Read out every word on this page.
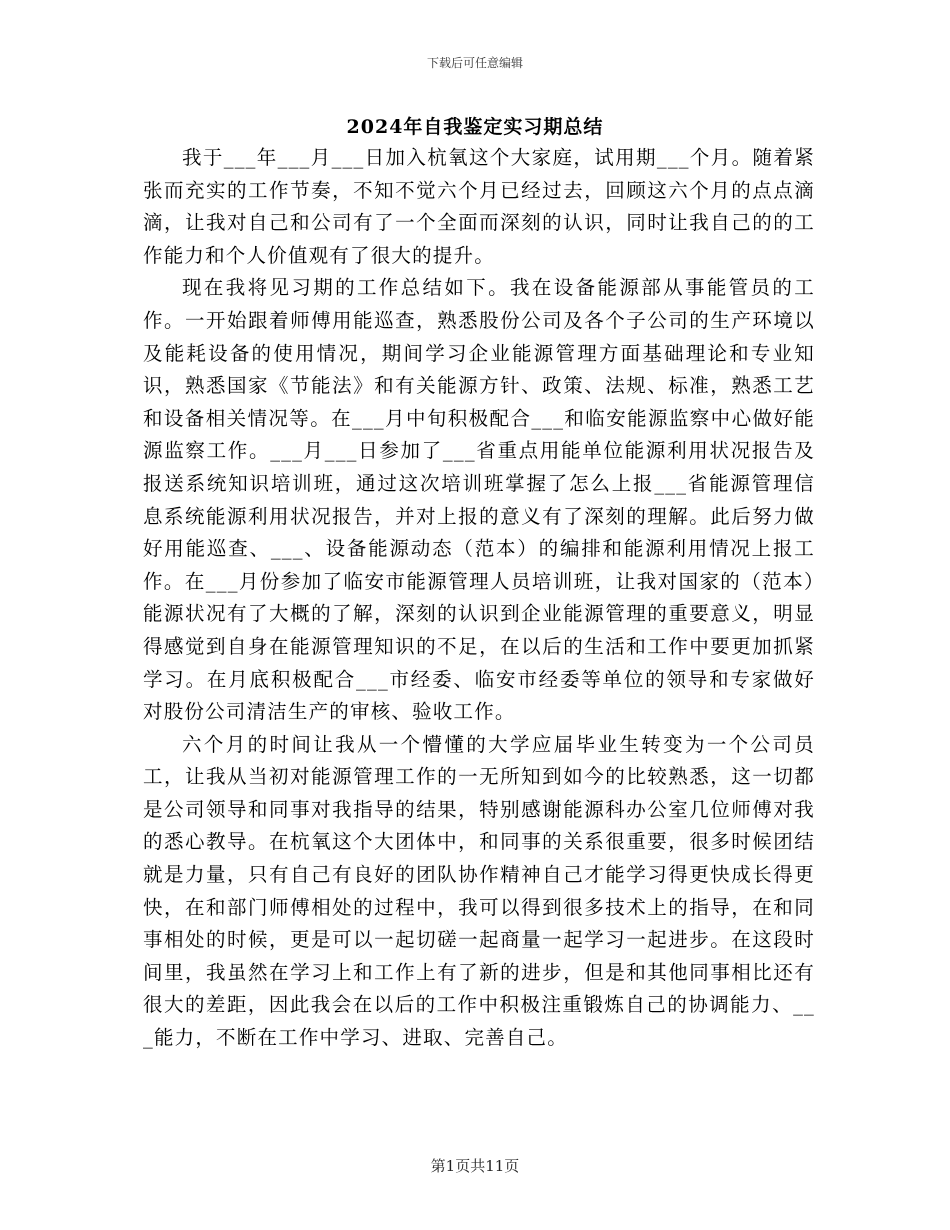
下载后可任意编辑
2024年自我鉴定实习期总结

我于___年___月___日加入杭氧这个大家庭，试用期___个月。随着紧张而充实的工作节奏，不知不觉六个月已经过去，回顾这六个月的点点滴滴，让我对自己和公司有了一个全面而深刻的认识，同时让我自己的的工作能力和个人价值观有了很大的提升。

现在我将见习期的工作总结如下。我在设备能源部从事能管员的工作。一开始跟着师傅用能巡查，熟悉股份公司及各个子公司的生产环境以及能耗设备的使用情况，期间学习企业能源管理方面基础理论和专业知识，熟悉国家《节能法》和有关能源方针、政策、法规、标准，熟悉工艺和设备相关情况等。在___月中旬积极配合___和临安能源监察中心做好能源监察工作。___月___日参加了___省重点用能单位能源利用状况报告及报送系统知识培训班，通过这次培训班掌握了怎么上报___省能源管理信息系统能源利用状况报告，并对上报的意义有了深刻的理解。此后努力做好用能巡查、___、设备能源动态（范本）的编排和能源利用情况上报工作。在___月份参加了临安市能源管理人员培训班，让我对国家的（范本）能源状况有了大概的了解，深刻的认识到企业能源管理的重要意义，明显得感觉到自身在能源管理知识的不足，在以后的生活和工作中要更加抓紧学习。在月底积极配合___市经委、临安市经委等单位的领导和专家做好对股份公司清洁生产的审核、验收工作。

六个月的时间让我从一个懵懂的大学应届毕业生转变为一个公司员工，让我从当初对能源管理工作的一无所知到如今的比较熟悉，这一切都是公司领导和同事对我指导的结果，特别感谢能源科办公室几位师傅对我的悉心教导。在杭氧这个大团体中，和同事的关系很重要，很多时候团结就是力量，只有自己有良好的团队协作精神自己才能学习得更快成长得更快，在和部门师傅相处的过程中，我可以得到很多技术上的指导，在和同事相处的时候，更是可以一起切磋一起商量一起学习一起进步。在这段时间里，我虽然在学习上和工作上有了新的进步，但是和其他同事相比还有很大的差距，因此我会在以后的工作中积极注重锻炼自己的协调能力、___能力，不断在工作中学习、进取、完善自己。

第1页共11页
